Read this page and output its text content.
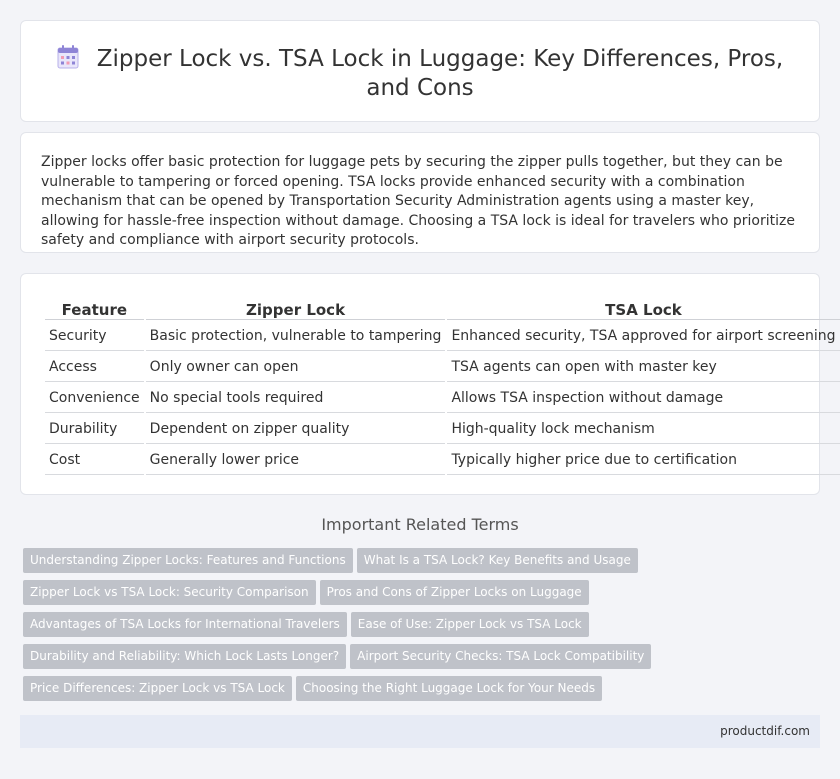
Zipper Lock vs. TSA Lock in Luggage: Key Differences, Pros, and Cons

Zipper locks offer basic protection for luggage pets by securing the zipper pulls together, but they can be vulnerable to tampering or forced opening. TSA locks provide enhanced security with a combination mechanism that can be opened by Transportation Security Administration agents using a master key, allowing for hassle-free inspection without damage. Choosing a TSA lock is ideal for travelers who prioritize safety and compliance with airport security protocols.

Feature	Zipper Lock	TSA Lock
Security	Basic protection, vulnerable to tampering	Enhanced security, TSA approved for airport screening
Access	Only owner can open	TSA agents can open with master key
Convenience	No special tools required	Allows TSA inspection without damage
Durability	Dependent on zipper quality	High-quality lock mechanism
Cost	Generally lower price	Typically higher price due to certification
Important Related Terms
Understanding Zipper Locks: Features and Functions What Is a TSA Lock? Key Benefits and Usage
Zipper Lock vs TSA Lock: Security Comparison Pros and Cons of Zipper Locks on Luggage
Advantages of TSA Locks for International Travelers Ease of Use: Zipper Lock vs TSA Lock
Durability and Reliability: Which Lock Lasts Longer? Airport Security Checks: TSA Lock Compatibility
Price Differences: Zipper Lock vs TSA Lock Choosing the Right Luggage Lock for Your Needs
productdif.com
